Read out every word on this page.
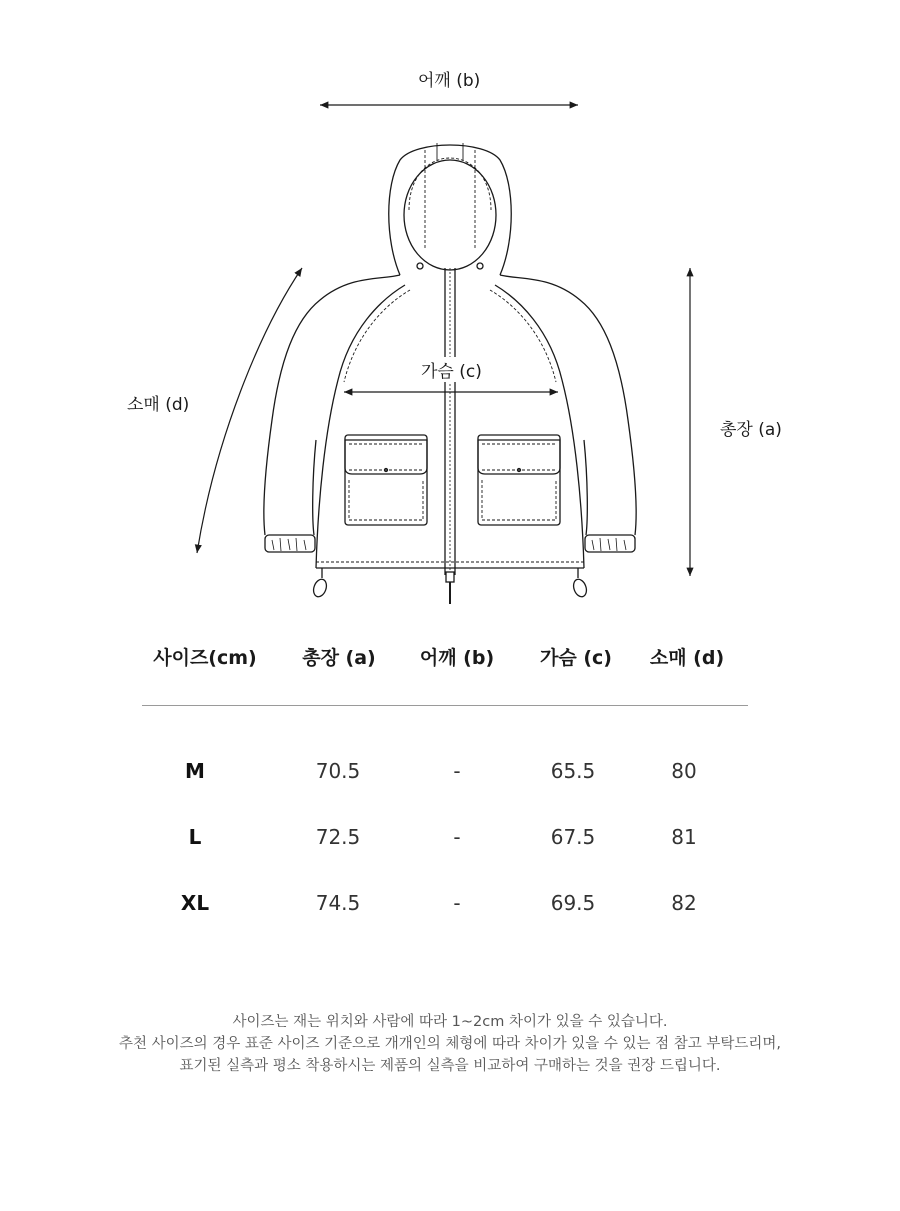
어깨 (b)
가슴 (c)
소매 (d)
총장 (a)
사이즈(cm)	총장 (a)	어깨 (b)	가슴 (c)	소매 (d)
M	70.5	-	65.5	80
L	72.5	-	67.5	81
XL	74.5	-	69.5	82
사이즈는 재는 위치와 사람에 따라 1~2cm 차이가 있을 수 있습니다.
추천 사이즈의 경우 표준 사이즈 기준으로 개개인의 체형에 따라 차이가 있을 수 있는 점 참고 부탁드리며,
표기된 실측과 평소 착용하시는 제품의 실측을 비교하여 구매하는 것을 권장 드립니다.
